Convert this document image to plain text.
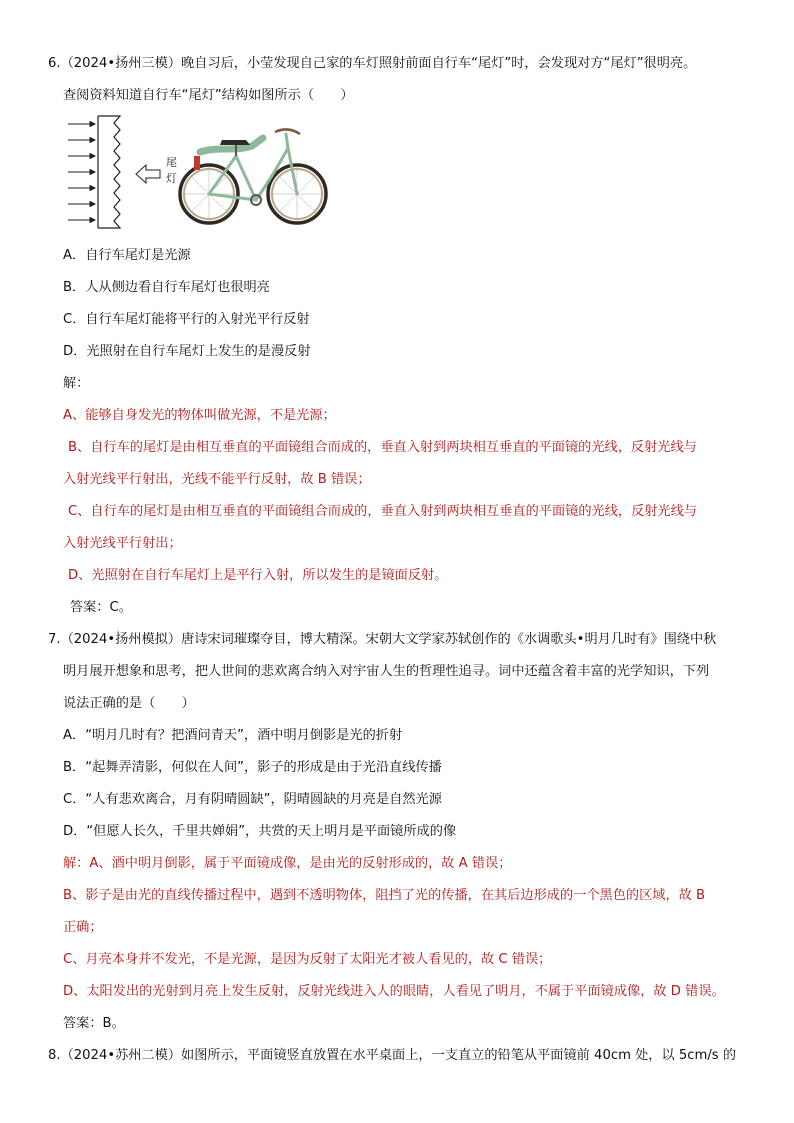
6.（2024•扬州三模）晚自习后，小莹发现自己家的车灯照射前面自行车“尾灯”时，会发现对方“尾灯”很明亮。
查阅资料知道自行车“尾灯”结构如图所示（　　）
尾
灯
A．自行车尾灯是光源
B．人从侧边看自行车尾灯也很明亮
C．自行车尾灯能将平行的入射光平行反射
D．光照射在自行车尾灯上发生的是漫反射
解：
A、能够自身发光的物体叫做光源，不是光源；
B、自行车的尾灯是由相互垂直的平面镜组合而成的，垂直入射到两块相互垂直的平面镜的光线，反射光线与
入射光线平行射出，光线不能平行反射，故 B 错误；
C、自行车的尾灯是由相互垂直的平面镜组合而成的，垂直入射到两块相互垂直的平面镜的光线，反射光线与
入射光线平行射出；
D、光照射在自行车尾灯上是平行入射，所以发生的是镜面反射。
答案：C。
7.（2024•扬州模拟）唐诗宋词璀璨夺目，博大精深。宋朝大文学家苏轼创作的《水调歌头•明月几时有》围绕中秋
明月展开想象和思考，把人世间的悲欢离合纳入对宇宙人生的哲理性追寻。词中还蕴含着丰富的光学知识，下列
说法正确的是（　　）
A．“明月几时有？把酒问青天”，酒中明月倒影是光的折射
B．“起舞弄清影，何似在人间”，影子的形成是由于光沿直线传播
C．“人有悲欢离合，月有阴晴圆缺”，阴晴圆缺的月亮是自然光源
D．“但愿人长久，千里共婵娟”，共赏的天上明月是平面镜所成的像
解：A、酒中明月倒影，属于平面镜成像，是由光的反射形成的，故 A 错误；
B、影子是由光的直线传播过程中，遇到不透明物体，阻挡了光的传播，在其后边形成的一个黑色的区域，故 B
正确；
C、月亮本身并不发光，不是光源，是因为反射了太阳光才被人看见的，故 C 错误；
D、太阳发出的光射到月亮上发生反射，反射光线进入人的眼睛，人看见了明月，不属于平面镜成像，故 D 错误。
答案：B。
8.（2024•苏州二模）如图所示，平面镜竖直放置在水平桌面上，一支直立的铅笔从平面镜前 40cm 处，以 5cm/s 的
